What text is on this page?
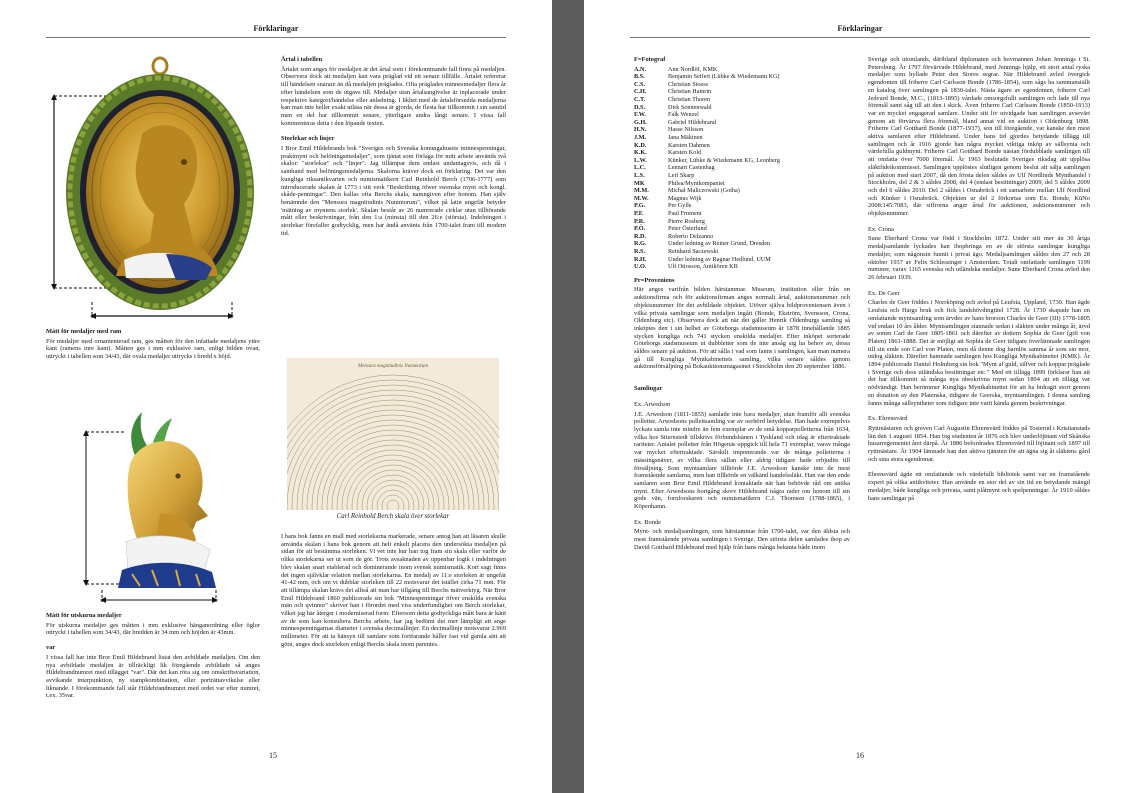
Förklaringar

Mått för medaljer med ram

För medaljer med ornamenterad ram, ges måtten för den infattade medaljens yttre kant (ramens inre kant). Måtten ges i mm exklusive ram, enligt bilden ovan, uttryckt i tabellen som 34/43, där ovala medaljer uttrycks i bredd x höjd.

Mått för utskurna medaljer

För utskurna medaljer ges måtten i mm exklusive hänganordning eller öglor uttryckt i tabellen som 34/43, där bredden är 34 mm och höjden är 43mm.

var

I vissa fall har inte Bror Emil Hildebrand listat den avbildade medaljen. Om den nya avbildade medaljen är tillräckligt lik föregående avbildade så anges Hildebrandnumret med tillägget "var". Där det kan röra sig om omskriftsvariation, avvikande interpunktion, ny stampkombination, eller porträttavvikelse eller liknande. I förekommande fall står Hildebrandnumret med ordet var efter numret, t.ex. 35var.

Årtal i tabellen

Årtalet som anges för medaljen är det årtal som i förekommande fall finns på medaljen. Observera dock att medaljen kan vara präglad vid ett senare tillfälle. Årtalet refererar till händelsen snarare än då medaljen präglades. Ofta präglades minnesmedaljer flera år efter händelsen som de utgavs till. Medaljer utan årtalsangivelse är inplacerade under respektive kategori/händelse eller anledning. I likhet med de årtalsförsedda medaljerna kan man inte heller exakt utläsa när dessa är gjorda, de flesta har tillkommit i sin samtid men en del har tillkommit senare, ytterligare andra långt senare. I vissa fall kommenteras detta i den löpande texten.

Storlekar och linjer

I Bror Emil Hildebrands bok "Sveriges och Svenska konungahusets minnespenningar, praktmynt och belöningsmedaljer", som tjänat som förlaga för mitt arbete används två skalor: "storlekar" och "linjer". Jag tillämpar dem endast undantagsvis, och då i samband med belöningsmedaljerna. Skalorna kräver dock en förklaring. Det var den kungliga riksantikvarien och numismatikern Carl Reinhold Berch (1706-1777) som introducerade skalan år 1773 i sitt verk "Beskrifning öfwer swenska mynt och kongl. skåde-penningar". Den kallas ofta Berchs skala, namngiven efter honom. Han själv benämnde den "Mensura magnitudinis Nummorum", vilket på latin ungefär betyder 'mätning av myntens storlek'. Skalan består av 26 numrerade cirklar utan tillhörande mått eller beskrivningar, från den 1:a (minsta) till den 26:e (största). Indelningen i storlekar förefaller godtycklig, men har ändå använts från 1700-talet fram till modern tid.

Mensura magnitudinis Nummorum
Carl Reinhold Berch skala över storlekar

I hans bok fanns en mall med storlekarna markerade, senare antog han att läsaren skulle använda skalan i hans bok genom att helt enkelt placera den undersökta medaljen på sidan för att bestämma storleken. Vi vet inte hur han tog fram sin skala eller varför de olika storlekarna ser ut som de gör. Trots avsaknaden av uppenbar logik i indelningen blev skalan snart etablerad och dominerande inom svensk numismatik. Kort sagt finns det ingen självklar relation mellan storlekarna. En medalj av 11:e storleken är ungefär 41-42 mm, och om vi dubblar storleken till 22 motsvarar det istället cirka 71 mm. För att tillämpa skalan krävs det alltså att man har tillgång till Berchs mätverktyg. När Bror Emil Hildebrand 1860 publicerade sin bok "Minnespenningar öfver enskilda svenska män och qvinnor" skriver han i förordet med viss underfundighet om Berch storlekar, vilket jag här återger i moderniserad form: Eftersom detta godtyckliga mått bara är känt av de som kan konsultera Berchs arbete, har jag bedömt det mer lämpligt att ange minnespenningarnas diameter i svenska decimallinjer. En decimallinje motsvarar 2.969 millimeter. För att ta hänsyn till samlare som fortfarande håller fast vid gamla sätt att göra, anges dock storleken enligt Berchs skala inom parentes.

15
Förklaringar

F=Fotograf

A.N.	Ann Nordlöf, KMK
B.S.	Benjamin Seifert (Lübke & Wiedemann KG)
C.S.	Christian Stoess
C.H.	Christian Hamrin
C.T.	Christian Thoren
D.S.	Dirk Sonnenwald
F.W.	Falk Wenzel
G.H.	Gabriel Hildebrand
H.N.	Hasse Nilsson
J.M.	Jana Mäkinen
K.D.	Karsten Dahmen
K.K.	Karsten Kold
L.W.	Künker, Lübke & Wiedemann KG, Leonberg
L.C.	Lennart Castenhag
L.S.	Leif Skarp
MK	Philea/Myntkompaniet
M.M.	Michał Maliczowski (Gotha)
M.W.	Magnus Wijk
P.G.	Per Gylle
P.F.	Paul Froment
P.R.	Pierre Rosberg
P.Ö.	Peter Österlund
R.D.	Roberto Delzanno
R.G.	Under ledning av Reiner Grund, Dresden
R.S.	Reinhard Saczewski
R.H.	Under ledning av Ragnar Hedlund, UUM
U.O.	Ulf Ottosson, Antikören KB

Pr=Proveniens

Här anges varifrån bilden härstammar. Museum, institution eller från en auktionsfirma och för auktionsfirman anges normalt årtal, auktionsnummer och objektsnummer för det avbildade objektet. Utöver själva bildproveniensen även i vilka privata samlingar som medaljen ingått (Bonde, Ekström, Svensson, Crona, Oldenburg etc). Observera dock att när det gäller Henrik Oldenburgs samling så inköptes den i sin helhet av Göteborgs stadsmuseum år 1878 innehållande 1885 stycken kungliga och 741 stycken enskilda medaljer. Efter inköpet sorterade Göteborgs stadsmuseum ut dubbletter som de inte ansåg sig ha behov av, dessa såldes senare på auktion. För att sålla i vad som fanns i samlingen, kan man numera gå till Kungliga Myntkabinettets samling, vilka senare såldes genom auktionsförsäljning på Bokauktionsmagasinet i Stockholm den 20 september 1886.

Samlingar

Ex. Arwedson

J.E. Arwedson (1811-1855) samlade inte bara medaljer, utan framför allt svenska polletter. Arwedsons pollettsamling var av oerhörd betydelse. Han hade exempelvis lyckats samla inte mindre än fem exemplar av de små kopparpolletterna från 1634, vilka hos Stiernstedt tillskrivs förbundsbänen i Tyskland och idag är eftertraktade rariteter. Antalet polletter från Högenäs uppgick till hela 71 exemplar, varav många var mycket eftertraktade. Särskilt imponerande var de många polletterna i mässingsnäver, av vilka flera sällan eller aldrig tidigare hade erbjudits till försäljning. Som myntsamlare tillhörde J.E. Arwedson kanske inte de mest framstående samlarna, men han tillhörde en välkänd handelssläkt. Han var den ende samlaren som Bror Emil Hildebrand kontaktade när han behövde råd om antika mynt. Efter Arwedsons bortgång skrev Hildebrand några rader om honom till sin gode vän, fornforskaren och numismatikern C.J. Thomsen (1788-1865), i Köpenhamn.

Ex. Bonde

Mynt- och medaljsamlingen, som härstammar från 1700-talet, var den äldsta och mest framstående privata samlingen i Sverige. Den största delen samlades ihop av David Gotthard Hildebrand med hjälp från hans många bekanta både inom

Sverige och utomlands, däribland diplomaten och hovmannen Johan Jennings i St. Petersburg. År 1797 förvärvade Hildebrand, med Jennings hjälp, ett stort antal ryska medaljer som hyllade Peter den Stores segrar. När Hildebrand avled övergick egendomen till friherre Carl Carlsson Bonde (1786-1854), som sågs ha sammanställt en katalog över samlingen på 1830-talet. Nästa ägare av egendomen, friherre Carl Jedvard Bonde, M.C., (1813-1895) vårdade omsorgsfullt samlingen och lade till nya föremål samt såg till att den i skick. Även friherre Carl Carlsson Bonde (1850-1913) var en mycket engagerad samlare. Under sitt liv utvidgade han samlingen avsevärt genom att förvärva flera föremål, bland annat vid en auktion i Oldenburg 1898. Friherre Carl Gotthard Bonde (1877-1937), son till föregående, var kanske den mest aktiva samlaren efter Hildebrand. Under hans tid gjordes betydande tillägg till samlingen och år 1916 gjorde han några mycket viktiga inköp av sällsynta och värdefulla guldmynt. Friherre Carl Gotthard Bonde nästan fördubblade samlingen till att omfatta över 7000 föremål. År 1963 beslutade Sveriges riksdag att upplösa släktfideikommisset. Samlingen upplöstes slutligen genom beslut att sälja samlingen på auktion med start 2007, då den första delen såldes av Ulf Nordlinds Mynthandel i Stockholm, del 2 & 3 såldes 2008, del 4 (endast besittningar) 2009, del 5 såldes 2009 och del 6 såldes 2010. Del 2 såldes i Osnabrück i ett samarbete mellan Ulf Nordlind och Künker i Osnabrück. Objekten ur del 2 förkortas som Ex. Bonde, KüNo 2008:145:7083, där siffrorna anger årtal för auktionen, auktionsnummer och objektsnummer.

Ex. Crona

Sune Eberhard Crona var född i Stockholm 1872. Under sitt mer än 30 åriga medaljsamlande lyckades han ihopbringa en av de största samlingar kungliga medaljer, som någonsin funnit i privat ägo. Medaljsamlingen såldes den 27 och 28 oktober 1937 av Felix Schlessinger i Amsterdam. Totalt omfattade samlingen 1199 nummer, varav 1165 svenska och utländska medaljer. Sune Eberhard Crona avled den 26 februari 1939.

Ex. De Geer

Charles de Geer föddes i Norrköping och avled på Leufsta, Uppland, 1730. Han ägde Leufsta och Hargs bruk och fick landshövdingtitel 1728. År 1730 skapade han en omfattande myntsamling som ärvdes av hans brorson Charles de Geer (III) 1778-1805 vid endast 10 års ålder. Myntsamlingen stannade sedan i släkten under många år, ärvd av sonen Carl de Geer 1805-1861 och därefter av dottern Sophia de Geer (gift von Platen) 1861-1888. Det är möjligt att Sophia de Geer tidigare överlämnade samlingen till sin ende son Carl von Platen, men då denne dog barnlös samma år som sin mor, utdog släkten. Därefter hamnade samlingen hos Kungliga Myntkabinettet (KMK). År 1894 publicerade Daniel Holmberg sin bok "Mynt af guld, silfver och koppar präglade i Sverige och dess utländska besittningar etc." Med ett tillägg 1899 förklarar han att det har tillkommit så många nya obeskrivna mynt sedan 1894 att ett tillägg var nödvändigt. Han berömmer Kungliga Myntkabinettet för att ha bidragit stort genom en donation av den Platenska, tidigare de Geerska, myntsamlingen. I denna samling fanns många sällsyntheter som tidigare inte varit kända genom beskrivningar.

Ex. Ehrensvärd

Ryttmästaren och greven Carl Augustin Ehrensvärd föddes på Tosterud i Kristianstads län den 1 augusti 1854. Han tog studenten år 1876 och blev underlöjtnant vid Skånska husarregementet året därpå. År 1886 befordrades Ehrensvärd till löjtnant och 1897 till ryttmästare. År 1904 lämnade han den aktiva tjänsten för att ägna sig åt släktens gård och sina stora egendomar.

Ehrensvärd ägde ett omfattande och värdefullt bibliotek samt var en framstående expert på olika antikviteter. Han använde en stor del av sin tid en betydande mängd medaljer, både kungliga och privata, samt plåtmynt och spelpenningar. År 1910 såldes hans samlingar på

16
